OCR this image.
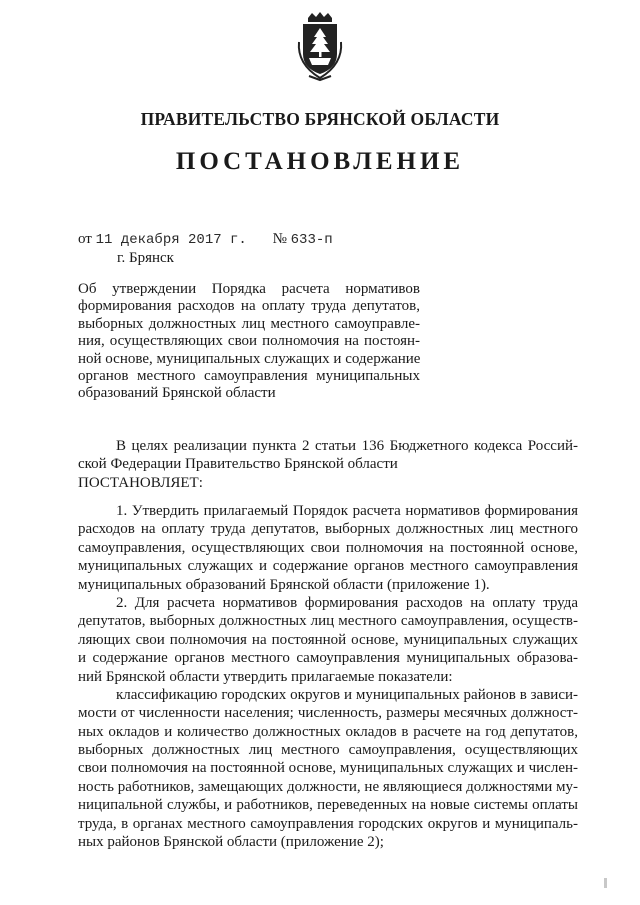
ПРАВИТЕЛЬСТВО БРЯНСКОЙ ОБЛАСТИ
ПОСТАНОВЛЕНИЕ
от 11 декабря 2017 г. № 633-п
г. Брянск
Об утверждении Порядка расчета нормативов
формирования расходов на оплату труда депутатов,
выборных должностных лиц местного самоуправле-
ния, осуществляющих свои полномочия на постоян-
ной основе, муниципальных служащих и содержание
органов местного самоуправления муниципальных
образований Брянской области
В целях реализации пункта 2 статьи 136 Бюджетного кодекса Россий-
ской Федерации Правительство Брянской области
ПОСТАНОВЛЯЕТ:
1. Утвердить прилагаемый Порядок расчета нормативов формирования
расходов на оплату труда депутатов, выборных должностных лиц местного
самоуправления, осуществляющих свои полномочия на постоянной основе,
муниципальных служащих и содержание органов местного самоуправления
муниципальных образований Брянской области (приложение 1).
2. Для расчета нормативов формирования расходов на оплату труда
депутатов, выборных должностных лиц местного самоуправления, осуществ-
ляющих свои полномочия на постоянной основе, муниципальных служащих
и содержание органов местного самоуправления муниципальных образова-
ний Брянской области утвердить прилагаемые показатели:
классификацию городских округов и муниципальных районов в зависи-
мости от численности населения; численность, размеры месячных должност-
ных окладов и количество должностных окладов в расчете на год депутатов,
выборных должностных лиц местного самоуправления, осуществляющих
свои полномочия на постоянной основе, муниципальных служащих и числен-
ность работников, замещающих должности, не являющиеся должностями му-
ниципальной службы, и работников, переведенных на новые системы оплаты
труда, в органах местного самоуправления городских округов и муниципаль-
ных районов Брянской области (приложение 2);
